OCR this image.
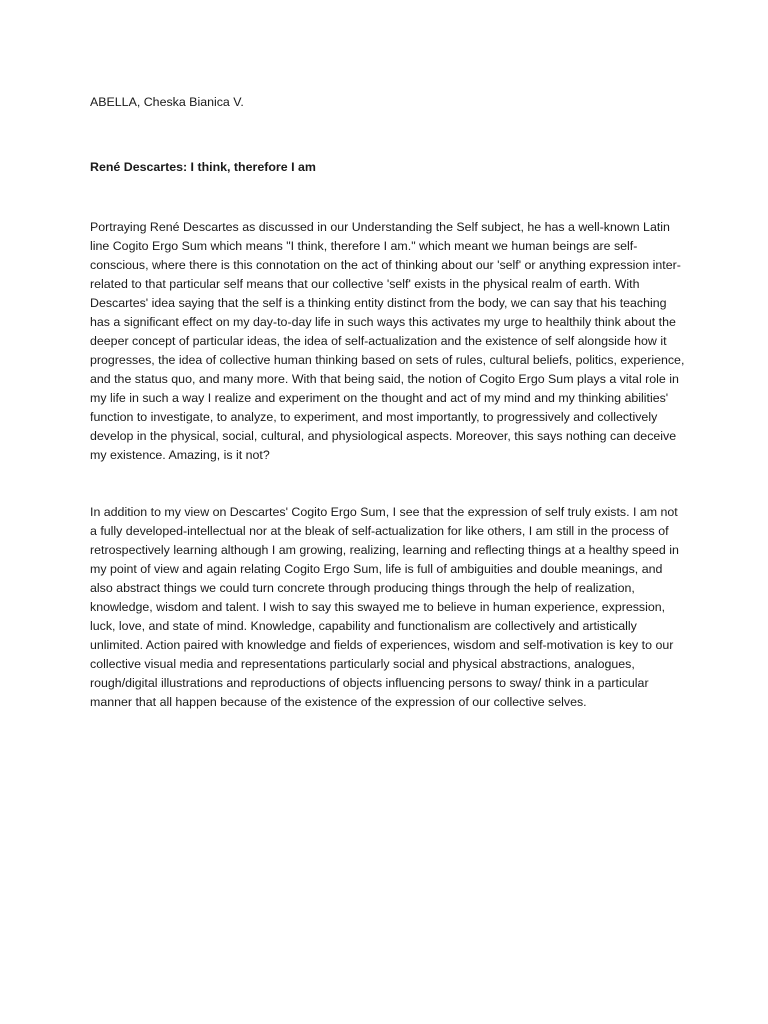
ABELLA, Cheska Bianica V.

René Descartes: I think, therefore I am

Portraying René Descartes as discussed in our Understanding the Self subject, he has a well-known Latin line Cogito Ergo Sum which means "I think, therefore I am." which meant we human beings are self-conscious, where there is this connotation on the act of thinking about our 'self' or anything expression inter-related to that particular self means that our collective 'self' exists in the physical realm of earth. With Descartes' idea saying that the self is a thinking entity distinct from the body, we can say that his teaching has a significant effect on my day-to-day life in such ways this activates my urge to healthily think about the deeper concept of particular ideas, the idea of self-actualization and the existence of self alongside how it progresses, the idea of collective human thinking based on sets of rules, cultural beliefs, politics, experience, and the status quo, and many more. With that being said, the notion of Cogito Ergo Sum plays a vital role in my life in such a way I realize and experiment on the thought and act of my mind and my thinking abilities' function to investigate, to analyze, to experiment, and most importantly, to progressively and collectively develop in the physical, social, cultural, and physiological aspects. Moreover, this says nothing can deceive my existence. Amazing, is it not?

In addition to my view on Descartes' Cogito Ergo Sum, I see that the expression of self truly exists. I am not a fully developed-intellectual nor at the bleak of self-actualization for like others, I am still in the process of retrospectively learning although I am growing, realizing, learning and reflecting things at a healthy speed in my point of view and again relating Cogito Ergo Sum, life is full of ambiguities and double meanings, and also abstract things we could turn concrete through producing things through the help of realization, knowledge, wisdom and talent. I wish to say this swayed me to believe in human experience, expression, luck, love, and state of mind. Knowledge, capability and functionalism are collectively and artistically unlimited. Action paired with knowledge and fields of experiences, wisdom and self-motivation is key to our collective visual media and representations particularly social and physical abstractions, analogues, rough/digital illustrations and reproductions of objects influencing persons to sway/ think in a particular manner that all happen because of the existence of the expression of our collective selves.
